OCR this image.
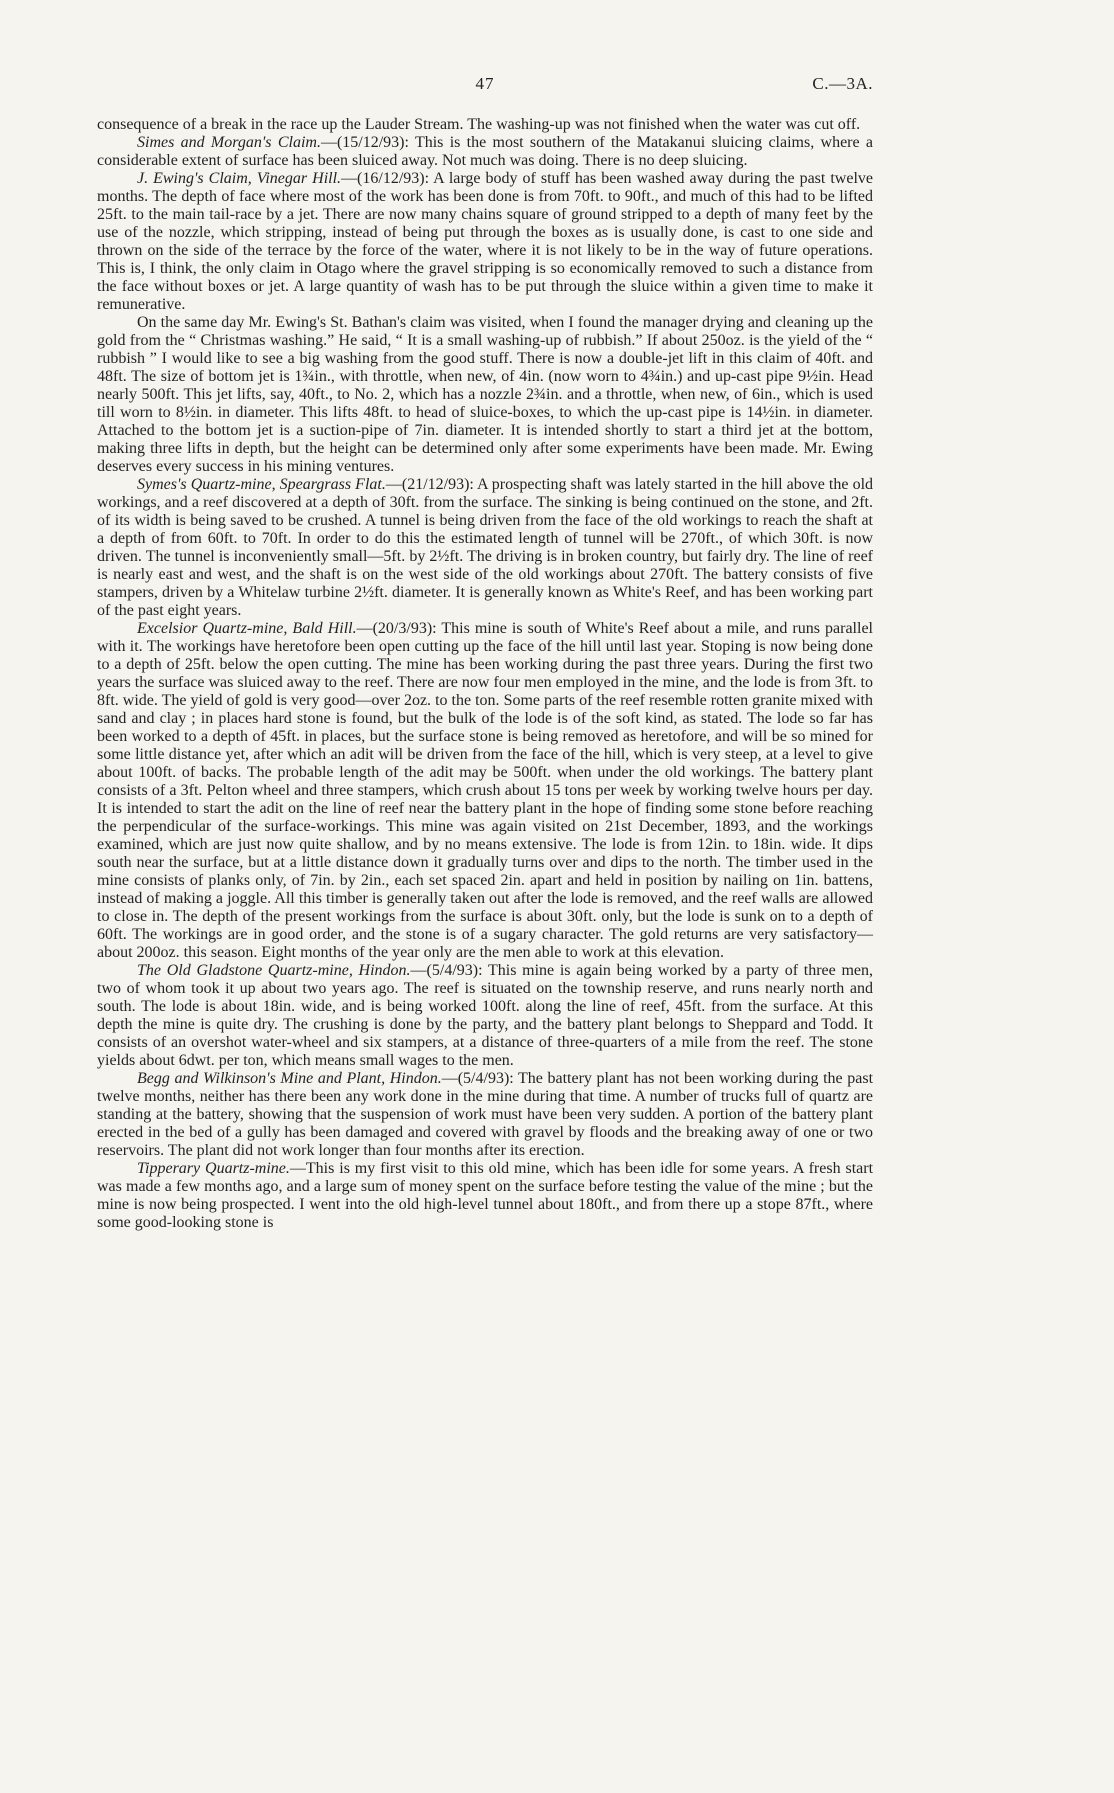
47	C.—3A.

consequence of a break in the race up the Lauder Stream. The washing-up was not finished when the water was cut off.

Simes and Morgan's Claim.—(15/12/93): This is the most southern of the Matakanui sluicing claims, where a considerable extent of surface has been sluiced away. Not much was doing. There is no deep sluicing.

J. Ewing's Claim, Vinegar Hill.—(16/12/93): A large body of stuff has been washed away during the past twelve months. The depth of face where most of the work has been done is from 70ft. to 90ft., and much of this had to be lifted 25ft. to the main tail-race by a jet. There are now many chains square of ground stripped to a depth of many feet by the use of the nozzle, which stripping, instead of being put through the boxes as is usually done, is cast to one side and thrown on the side of the terrace by the force of the water, where it is not likely to be in the way of future operations. This is, I think, the only claim in Otago where the gravel stripping is so economically removed to such a distance from the face without boxes or jet. A large quantity of wash has to be put through the sluice within a given time to make it remunerative.

On the same day Mr. Ewing's St. Bathan's claim was visited, when I found the manager drying and cleaning up the gold from the “ Christmas washing.” He said, “ It is a small washing-up of rubbish.” If about 250oz. is the yield of the “ rubbish ” I would like to see a big washing from the good stuff. There is now a double-jet lift in this claim of 40ft. and 48ft. The size of bottom jet is 1¾in., with throttle, when new, of 4in. (now worn to 4¾in.) and up-cast pipe 9½in. Head nearly 500ft. This jet lifts, say, 40ft., to No. 2, which has a nozzle 2¾in. and a throttle, when new, of 6in., which is used till worn to 8½in. in diameter. This lifts 48ft. to head of sluice-boxes, to which the up-cast pipe is 14½in. in diameter. Attached to the bottom jet is a suction-pipe of 7in. diameter. It is intended shortly to start a third jet at the bottom, making three lifts in depth, but the height can be determined only after some experiments have been made. Mr. Ewing deserves every success in his mining ventures.

Symes's Quartz-mine, Speargrass Flat.—(21/12/93): A prospecting shaft was lately started in the hill above the old workings, and a reef discovered at a depth of 30ft. from the surface. The sinking is being continued on the stone, and 2ft. of its width is being saved to be crushed. A tunnel is being driven from the face of the old workings to reach the shaft at a depth of from 60ft. to 70ft. In order to do this the estimated length of tunnel will be 270ft., of which 30ft. is now driven. The tunnel is inconveniently small—5ft. by 2½ft. The driving is in broken country, but fairly dry. The line of reef is nearly east and west, and the shaft is on the west side of the old workings about 270ft. The battery consists of five stampers, driven by a Whitelaw turbine 2½ft. diameter. It is generally known as White's Reef, and has been working part of the past eight years.

Excelsior Quartz-mine, Bald Hill.—(20/3/93): This mine is south of White's Reef about a mile, and runs parallel with it. The workings have heretofore been open cutting up the face of the hill until last year. Stoping is now being done to a depth of 25ft. below the open cutting. The mine has been working during the past three years. During the first two years the surface was sluiced away to the reef. There are now four men employed in the mine, and the lode is from 3ft. to 8ft. wide. The yield of gold is very good—over 2oz. to the ton. Some parts of the reef resemble rotten granite mixed with sand and clay ; in places hard stone is found, but the bulk of the lode is of the soft kind, as stated. The lode so far has been worked to a depth of 45ft. in places, but the surface stone is being removed as heretofore, and will be so mined for some little distance yet, after which an adit will be driven from the face of the hill, which is very steep, at a level to give about 100ft. of backs. The probable length of the adit may be 500ft. when under the old workings. The battery plant consists of a 3ft. Pelton wheel and three stampers, which crush about 15 tons per week by working twelve hours per day. It is intended to start the adit on the line of reef near the battery plant in the hope of finding some stone before reaching the perpendicular of the surface-workings. This mine was again visited on 21st December, 1893, and the workings examined, which are just now quite shallow, and by no means extensive. The lode is from 12in. to 18in. wide. It dips south near the surface, but at a little distance down it gradually turns over and dips to the north. The timber used in the mine consists of planks only, of 7in. by 2in., each set spaced 2in. apart and held in position by nailing on 1in. battens, instead of making a joggle. All this timber is generally taken out after the lode is removed, and the reef walls are allowed to close in. The depth of the present workings from the surface is about 30ft. only, but the lode is sunk on to a depth of 60ft. The workings are in good order, and the stone is of a sugary character. The gold returns are very satisfactory—about 200oz. this season. Eight months of the year only are the men able to work at this elevation.

The Old Gladstone Quartz-mine, Hindon.—(5/4/93): This mine is again being worked by a party of three men, two of whom took it up about two years ago. The reef is situated on the township reserve, and runs nearly north and south. The lode is about 18in. wide, and is being worked 100ft. along the line of reef, 45ft. from the surface. At this depth the mine is quite dry. The crushing is done by the party, and the battery plant belongs to Sheppard and Todd. It consists of an overshot water-wheel and six stampers, at a distance of three-quarters of a mile from the reef. The stone yields about 6dwt. per ton, which means small wages to the men.

Begg and Wilkinson's Mine and Plant, Hindon.—(5/4/93): The battery plant has not been working during the past twelve months, neither has there been any work done in the mine during that time. A number of trucks full of quartz are standing at the battery, showing that the suspension of work must have been very sudden. A portion of the battery plant erected in the bed of a gully has been damaged and covered with gravel by floods and the breaking away of one or two reservoirs. The plant did not work longer than four months after its erection.

Tipperary Quartz-mine.—This is my first visit to this old mine, which has been idle for some years. A fresh start was made a few months ago, and a large sum of money spent on the surface before testing the value of the mine ; but the mine is now being prospected. I went into the old high-level tunnel about 180ft., and from there up a stope 87ft., where some good-looking stone is
